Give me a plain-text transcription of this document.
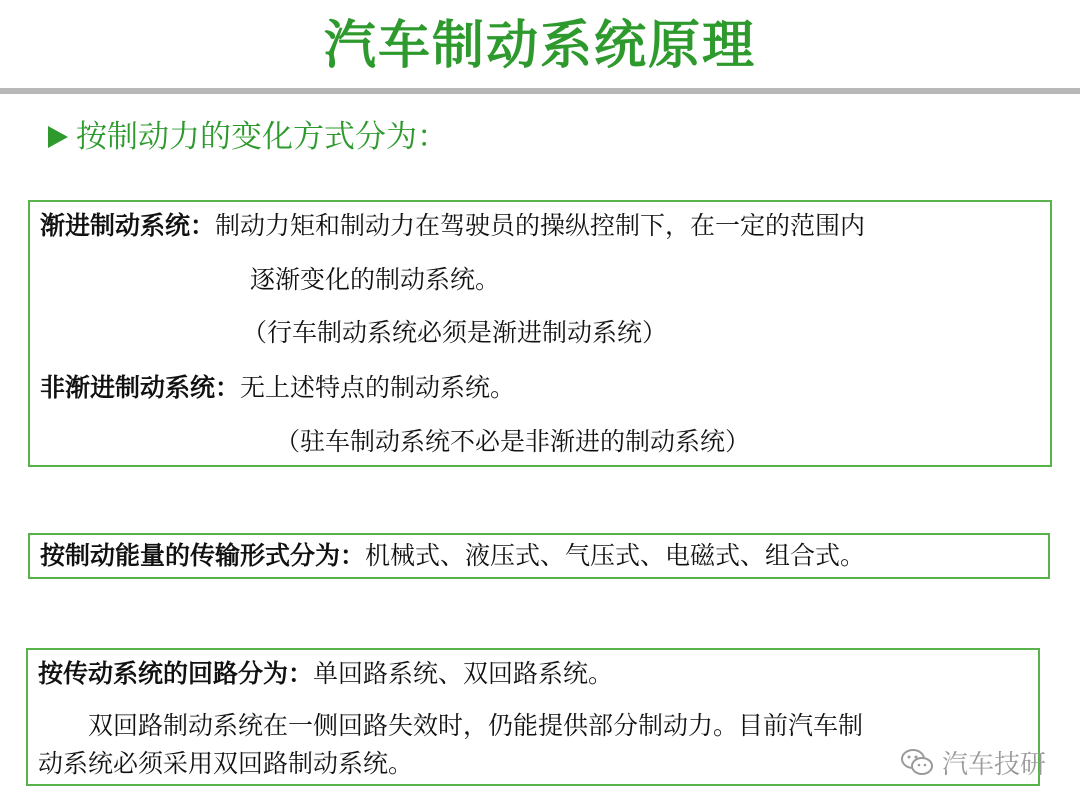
汽车制动系统原理
按制动力的变化方式分为：
渐进制动系统：制动力矩和制动力在驾驶员的操纵控制下，在一定的范围内
逐渐变化的制动系统。
（行车制动系统必须是渐进制动系统）
非渐进制动系统：无上述特点的制动系统。
（驻车制动系统不必是非渐进的制动系统）
按制动能量的传输形式分为：机械式、液压式、气压式、电磁式、组合式。
按传动系统的回路分为：单回路系统、双回路系统。
双回路制动系统在一侧回路失效时，仍能提供部分制动力。目前汽车制
动系统必须采用双回路制动系统。	汽车技研
